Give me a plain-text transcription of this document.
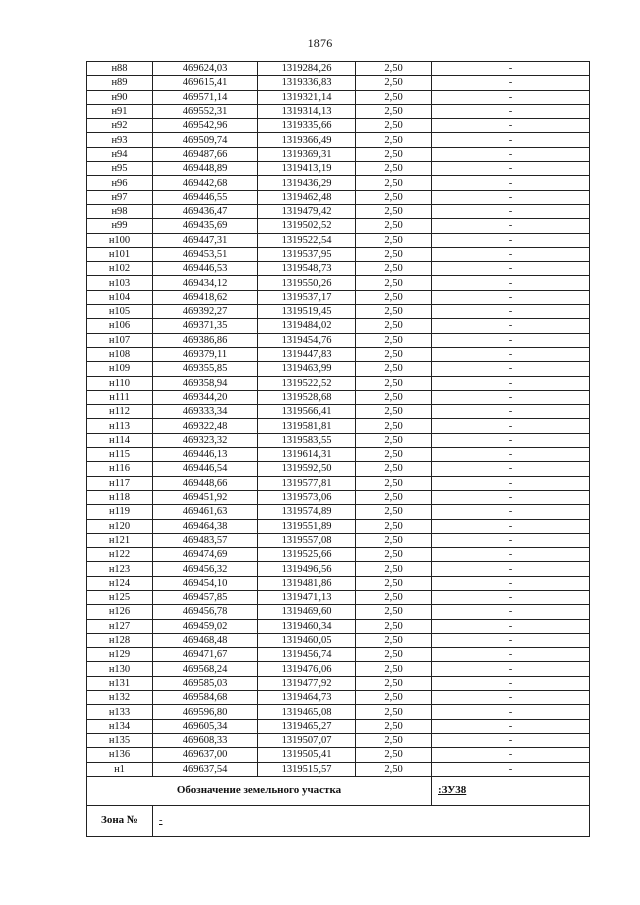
1876
н88	469624,03	1319284,26	2,50	-
н89	469615,41	1319336,83	2,50	-
н90	469571,14	1319321,14	2,50	-
н91	469552,31	1319314,13	2,50	-
н92	469542,96	1319335,66	2,50	-
н93	469509,74	1319366,49	2,50	-
н94	469487,66	1319369,31	2,50	-
н95	469448,89	1319413,19	2,50	-
н96	469442,68	1319436,29	2,50	-
н97	469446,55	1319462,48	2,50	-
н98	469436,47	1319479,42	2,50	-
н99	469435,69	1319502,52	2,50	-
н100	469447,31	1319522,54	2,50	-
н101	469453,51	1319537,95	2,50	-
н102	469446,53	1319548,73	2,50	-
н103	469434,12	1319550,26	2,50	-
н104	469418,62	1319537,17	2,50	-
н105	469392,27	1319519,45	2,50	-
н106	469371,35	1319484,02	2,50	-
н107	469386,86	1319454,76	2,50	-
н108	469379,11	1319447,83	2,50	-
н109	469355,85	1319463,99	2,50	-
н110	469358,94	1319522,52	2,50	-
н111	469344,20	1319528,68	2,50	-
н112	469333,34	1319566,41	2,50	-
н113	469322,48	1319581,81	2,50	-
н114	469323,32	1319583,55	2,50	-
н115	469446,13	1319614,31	2,50	-
н116	469446,54	1319592,50	2,50	-
н117	469448,66	1319577,81	2,50	-
н118	469451,92	1319573,06	2,50	-
н119	469461,63	1319574,89	2,50	-
н120	469464,38	1319551,89	2,50	-
н121	469483,57	1319557,08	2,50	-
н122	469474,69	1319525,66	2,50	-
н123	469456,32	1319496,56	2,50	-
н124	469454,10	1319481,86	2,50	-
н125	469457,85	1319471,13	2,50	-
н126	469456,78	1319469,60	2,50	-
н127	469459,02	1319460,34	2,50	-
н128	469468,48	1319460,05	2,50	-
н129	469471,67	1319456,74	2,50	-
н130	469568,24	1319476,06	2,50	-
н131	469585,03	1319477,92	2,50	-
н132	469584,68	1319464,73	2,50	-
н133	469596,80	1319465,08	2,50	-
н134	469605,34	1319465,27	2,50	-
н135	469608,33	1319507,07	2,50	-
н136	469637,00	1319505,41	2,50	-
н1	469637,54	1319515,57	2,50	-
Обозначение земельного участка				:ЗУ38
Зона №	-			
